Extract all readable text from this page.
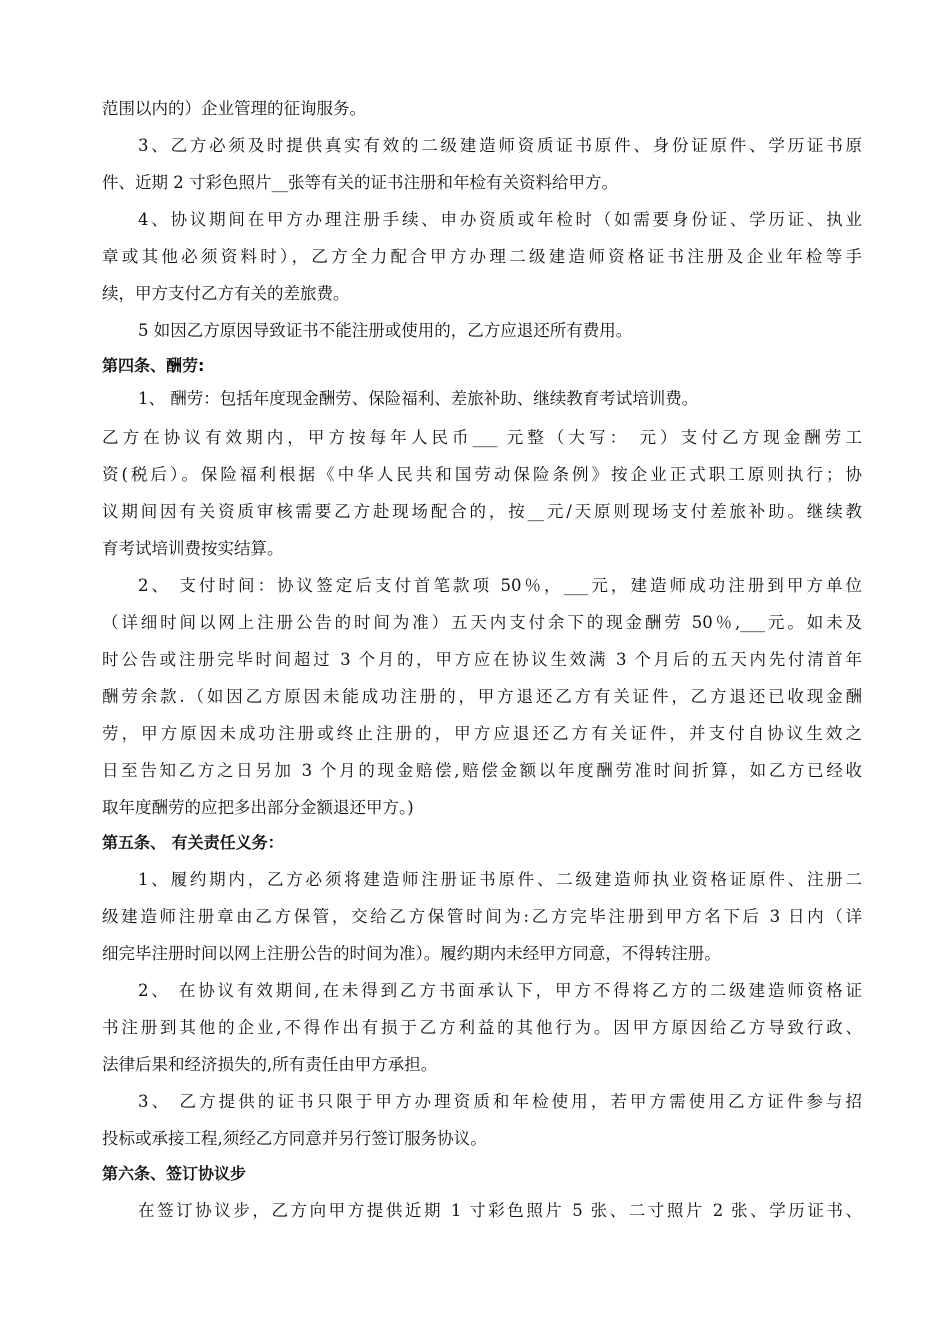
范围以内的）企业管理的征询服务。
3、乙方必须及时提供真实有效的二级建造师资质证书原件、身份证原件、学历证书原
件、近期 2 寸彩色照片__张等有关的证书注册和年检有关资料给甲方。
4、协议期间在甲方办理注册手续、申办资质或年检时（如需要身份证、学历证、执业
章或其他必须资料时），乙方全力配合甲方办理二级建造师资格证书注册及企业年检等手
续，甲方支付乙方有关的差旅费。
5 如因乙方原因导致证书不能注册或使用的，乙方应退还所有费用。
第四条、酬劳:
1、 酬劳：包括年度现金酬劳、保险福利、差旅补助、继续教育考试培训费。
乙方在协议有效期内，甲方按每年人民币___ 元整（大写： 元）支付乙方现金酬劳工
资(税后）。保险福利根据《中华人民共和国劳动保险条例》按企业正式职工原则执行；协
议期间因有关资质审核需要乙方赴现场配合的，按__元/天原则现场支付差旅补助。继续教
育考试培训费按实结算。
2、 支付时间：协议签定后支付首笔款项 50％，___元，建造师成功注册到甲方单位
（详细时间以网上注册公告的时间为准）五天内支付余下的现金酬劳 50％,___元。如未及
时公告或注册完毕时间超过 3 个月的，甲方应在协议生效满 3 个月后的五天内先付清首年
酬劳余款.（如因乙方原因未能成功注册的，甲方退还乙方有关证件，乙方退还已收现金酬
劳，甲方原因未成功注册或终止注册的，甲方应退还乙方有关证件，并支付自协议生效之
日至告知乙方之日另加 3 个月的现金赔偿,赔偿金额以年度酬劳准时间折算，如乙方已经收
取年度酬劳的应把多出部分金额退还甲方。)
第五条、 有关责任义务：
1、履约期内，乙方必须将建造师注册证书原件、二级建造师执业资格证原件、注册二
级建造师注册章由乙方保管，交给乙方保管时间为:乙方完毕注册到甲方名下后 3 日内（详
细完毕注册时间以网上注册公告的时间为准）。履约期内未经甲方同意，不得转注册。
2、 在协议有效期间,在未得到乙方书面承认下，甲方不得将乙方的二级建造师资格证
书注册到其他的企业,不得作出有损于乙方利益的其他行为。因甲方原因给乙方导致行政、
法律后果和经济损失的,所有责任由甲方承担。
3、 乙方提供的证书只限于甲方办理资质和年检使用，若甲方需使用乙方证件参与招
投标或承接工程,须经乙方同意并另行签订服务协议。
第六条、签订协议步
在签订协议步，乙方向甲方提供近期 1 寸彩色照片 5 张、二寸照片 2 张、学历证书、
